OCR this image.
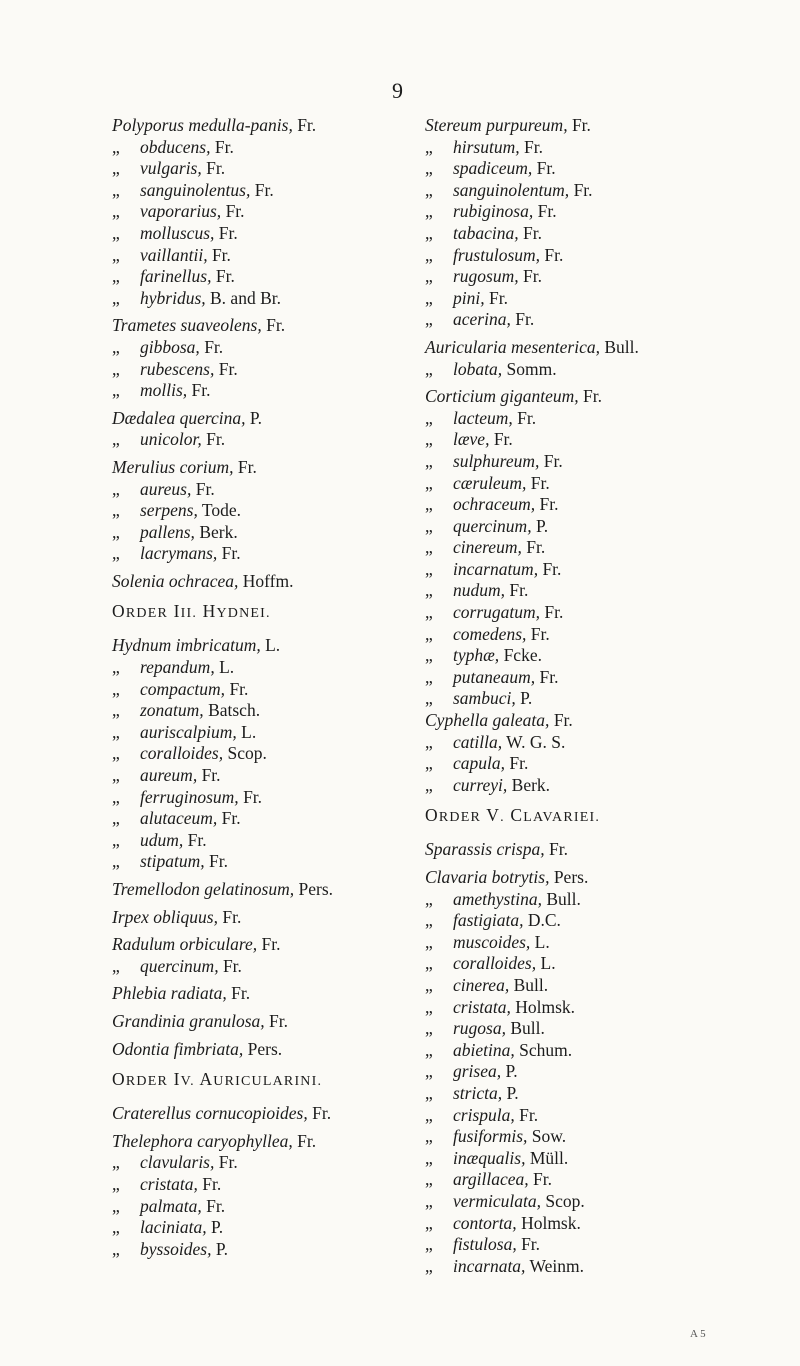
9
Polyporus medulla-panis, Fr.
„ obducens, Fr.
„ vulgaris, Fr.
„ sanguinolentus, Fr.
„ vaporarius, Fr.
„ molluscus, Fr.
„ vaillantii, Fr.
„ farinellus, Fr.
„ hybridus, B. and Br.
Trametes suaveolens, Fr.
„ gibbosa, Fr.
„ rubescens, Fr.
„ mollis, Fr.
Dædalea quercina, P.
„ unicolor, Fr.
Merulius corium, Fr.
„ aureus, Fr.
„ serpens, Tode.
„ pallens, Berk.
„ lacrymans, Fr.
Solenia ochracea, Hoffm.
ORDER III. HYDNEI.
Hydnum imbricatum, L.
„ repandum, L.
„ compactum, Fr.
„ zonatum, Batsch.
„ auriscalpium, L.
„ coralloides, Scop.
„ aureum, Fr.
„ ferruginosum, Fr.
„ alutaceum, Fr.
„ udum, Fr.
„ stipatum, Fr.
Tremellodon gelatinosum, Pers.
Irpex obliquus, Fr.
Radulum orbiculare, Fr.
„ quercinum, Fr.
Phlebia radiata, Fr.
Grandinia granulosa, Fr.
Odontia fimbriata, Pers.
ORDER IV. AURICULARINI.
Craterellus cornucopioides, Fr.
Thelephora caryophyllea, Fr.
„ clavularis, Fr.
„ cristata, Fr.
„ palmata, Fr.
„ laciniata, P.
„ byssoides, P.
Stereum purpureum, Fr.
„ hirsutum, Fr.
„ spadiceum, Fr.
„ sanguinolentum, Fr.
„ rubiginosa, Fr.
„ tabacina, Fr.
„ frustulosum, Fr.
„ rugosum, Fr.
„ pini, Fr.
„ acerina, Fr.
Auricularia mesenterica, Bull.
„ lobata, Somm.
Corticium giganteum, Fr.
„ lacteum, Fr.
„ læve, Fr.
„ sulphureum, Fr.
„ cæruleum, Fr.
„ ochraceum, Fr.
„ quercinum, P.
„ cinereum, Fr.
„ incarnatum, Fr.
„ nudum, Fr.
„ corrugatum, Fr.
„ comedens, Fr.
„ typhæ, Fcke.
„ putaneaum, Fr.
„ sambuci, P.
Cyphella galeata, Fr.
„ catilla, W. G. S.
„ capula, Fr.
„ curreyi, Berk.
ORDER V. CLAVARIEI.
Sparassis crispa, Fr.
Clavaria botrytis, Pers.
„ amethystina, Bull.
„ fastigiata, D.C.
„ muscoides, L.
„ coralloides, L.
„ cinerea, Bull.
„ cristata, Holmsk.
„ rugosa, Bull.
„ abietina, Schum.
„ grisea, P.
„ stricta, P.
„ crispula, Fr.
„ fusiformis, Sow.
„ inæqualis, Müll.
„ argillacea, Fr.
„ vermiculata, Scop.
„ contorta, Holmsk.
„ fistulosa, Fr.
„ incarnata, Weinm.
A 5
